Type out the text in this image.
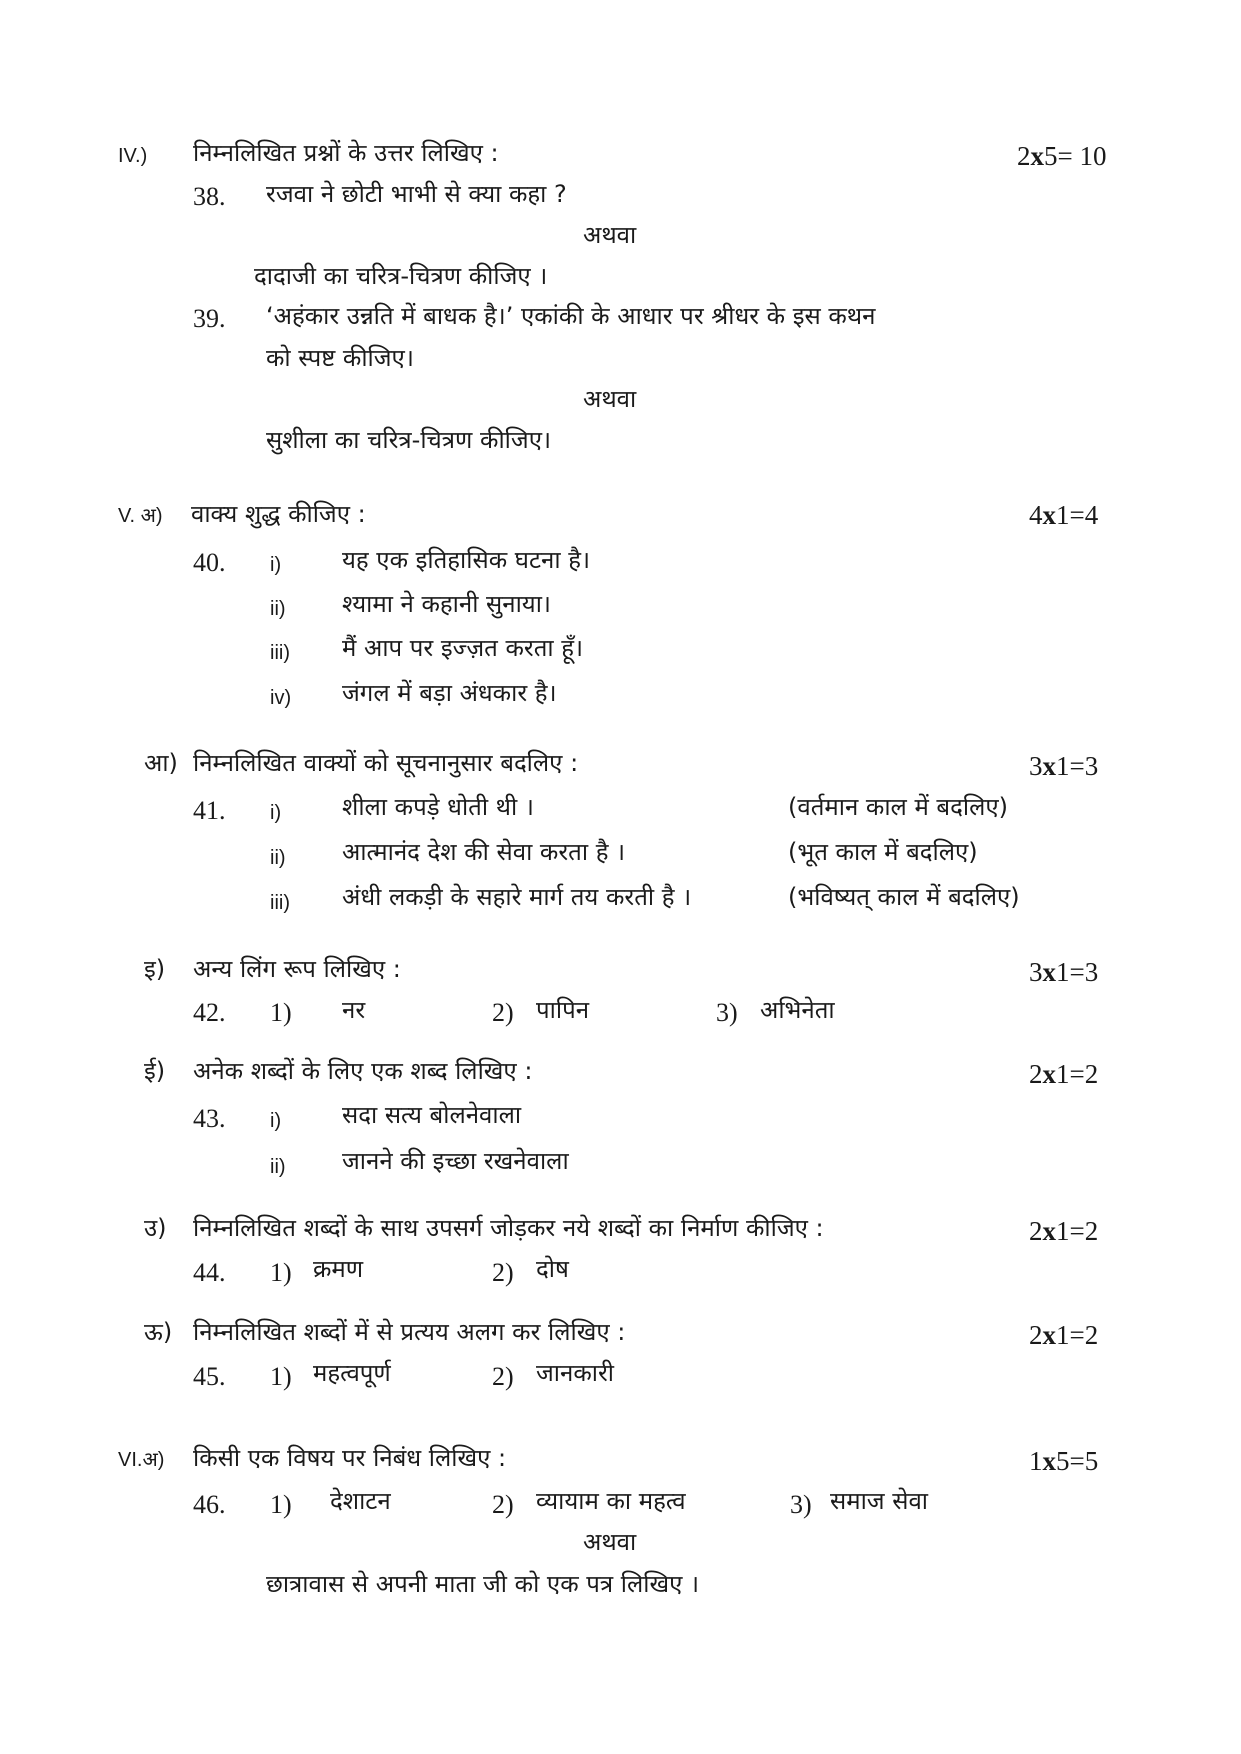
IV.) निम्नलिखित प्रश्नों के उत्तर लिखिए :	2x5= 10
38. रजवा ने छोटी भाभी से क्या कहा ?
अथवा
दादाजी का चरित्र-चित्रण कीजिए ।
39. ‘अहंकार उन्नति में बाधक है।’ एकांकी के आधार पर श्रीधर के इस कथन
को स्पष्ट कीजिए।
अथवा
सुशीला का चरित्र-चित्रण कीजिए।
V. अ) वाक्य शुद्ध कीजिए :	4x1=4
40. i)	यह एक इतिहासिक घटना है।
ii) श्यामा ने कहानी सुनाया।
iii) मैं आप पर इज्ज़त करता हूँ।
iv) जंगल में बड़ा अंधकार है।
आ) निम्नलिखित वाक्यों को सूचनानुसार बदलिए :	3x1=3
41. i)	शीला कपड़े धोती थी ।	(वर्तमान काल में बदलिए)
ii) आत्मानंद देश की सेवा करता है ।	(भूत काल में बदलिए)
iii) अंधी लकड़ी के सहारे मार्ग तय करती है ।	(भविष्यत् काल में बदलिए)
इ) अन्य लिंग रूप लिखिए :	3x1=3
42. 1) नर	2) पापिन	3) अभिनेता
ई) अनेक शब्दों के लिए एक शब्द लिखिए :	2x1=2
43. i)	सदा सत्य बोलनेवाला
ii) जानने की इच्छा रखनेवाला
उ) निम्नलिखित शब्दों के साथ उपसर्ग जोड़कर नये शब्दों का निर्माण कीजिए :	2x1=2
44. 1) क्रमण	2) दोष
ऊ) निम्नलिखित शब्दों में से प्रत्यय अलग कर लिखिए :	2x1=2
45. 1) महत्वपूर्ण	2) जानकारी
VI.अ) किसी एक विषय पर निबंध लिखिए :	1x5=5
46. 1) देशाटन	2) व्यायाम का महत्व	3) समाज सेवा
अथवा
छात्रावास से अपनी माता जी को एक पत्र लिखिए ।
